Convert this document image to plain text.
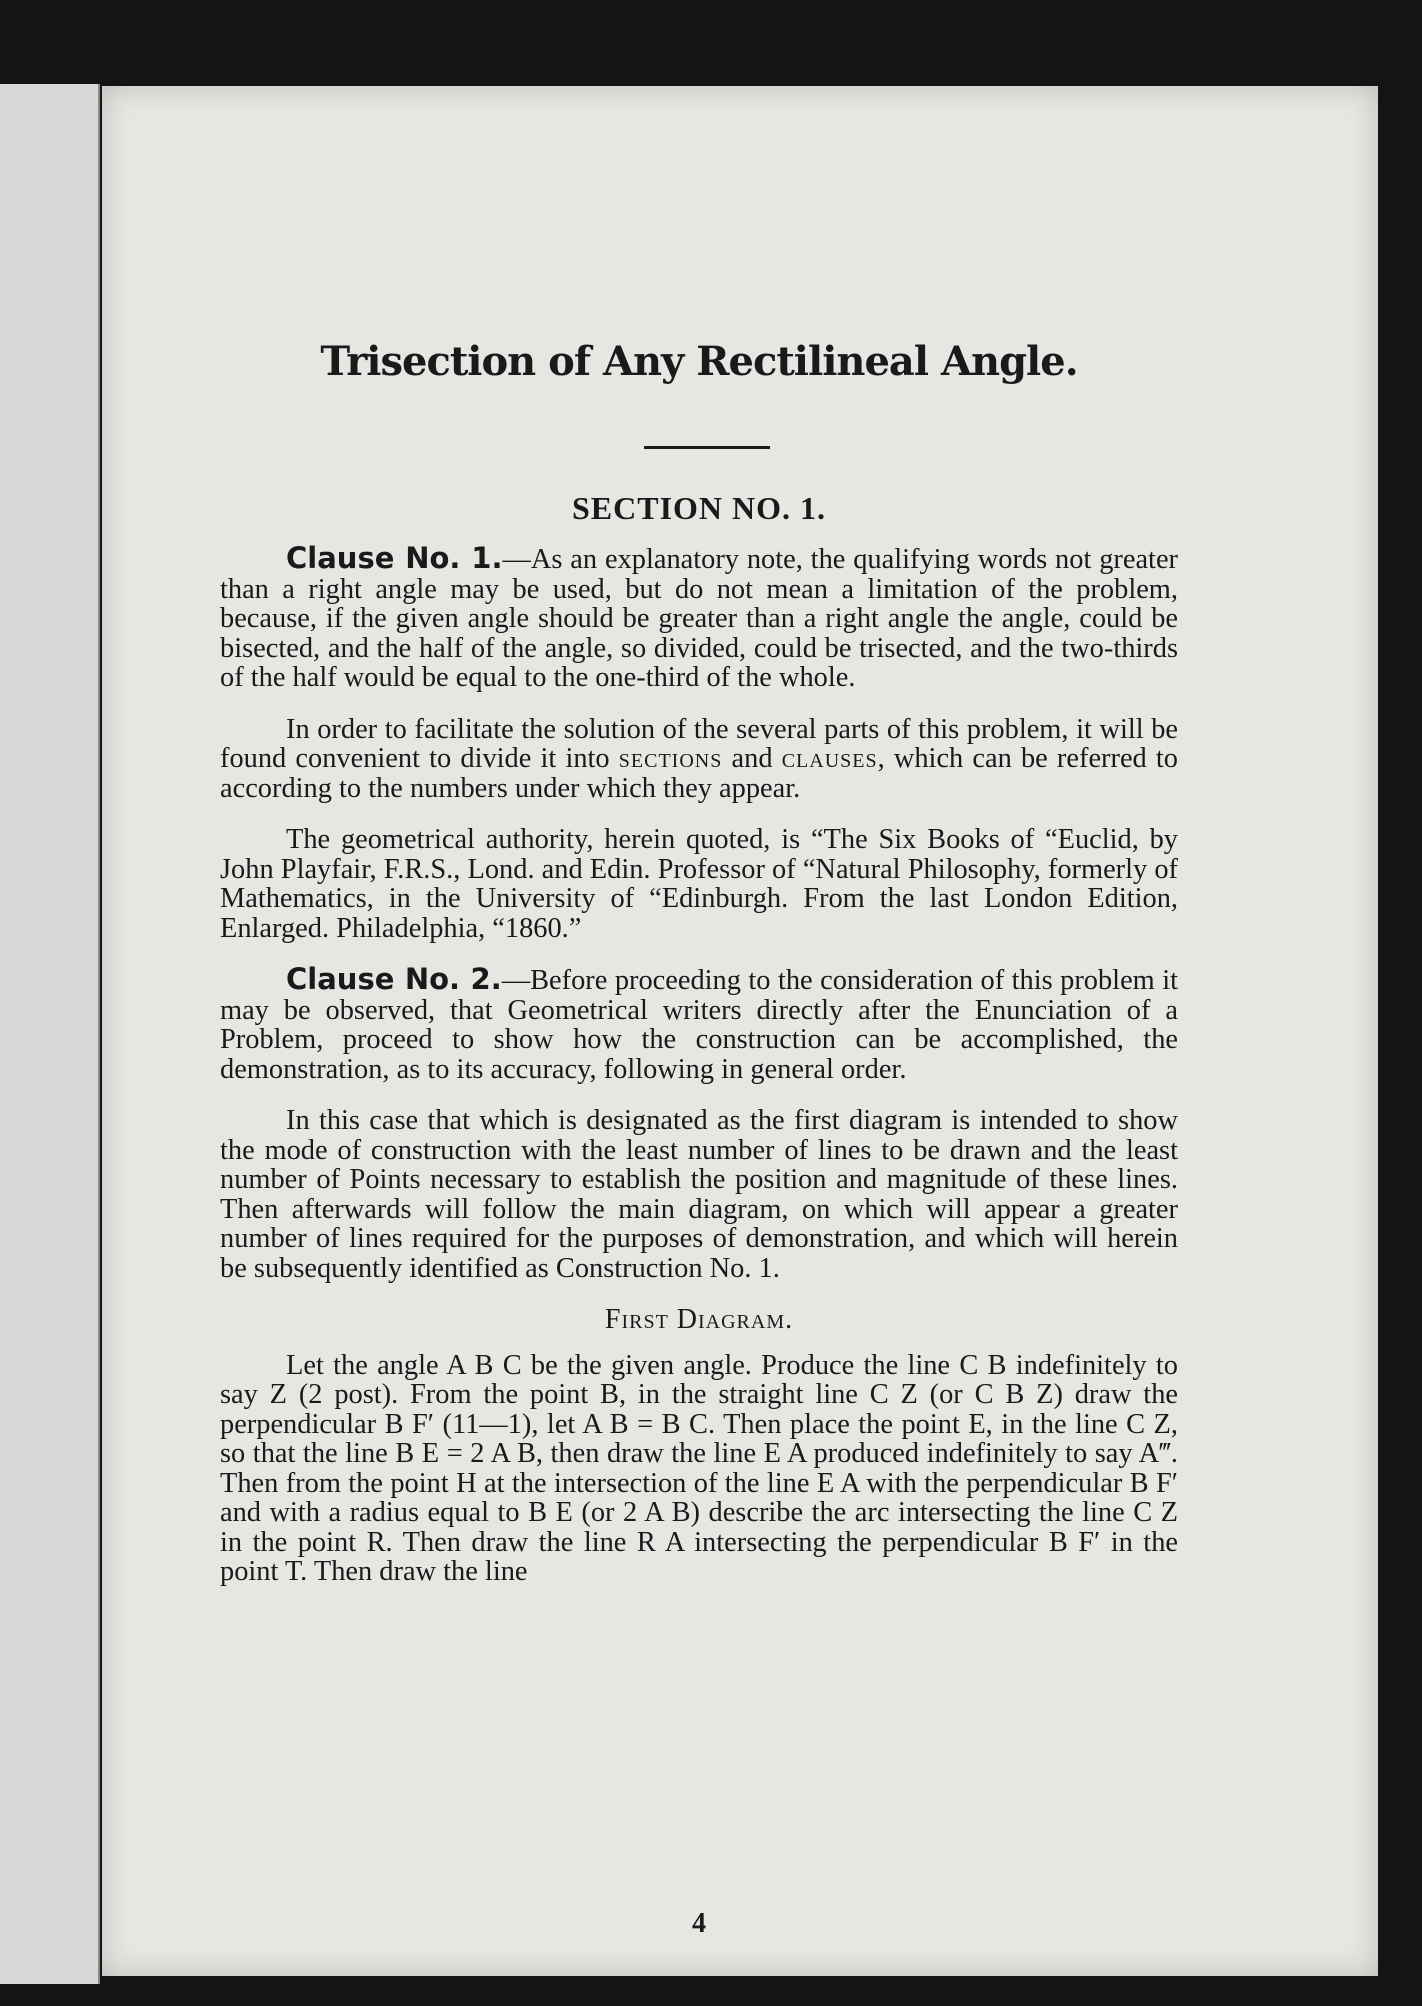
Trisection of Any Rectilineal Angle.
SECTION NO. 1.

Clause No. 1.—As an explanatory note, the qualifying words not greater than a right angle may be used, but do not mean a limitation of the problem, because, if the given angle should be greater than a right angle the angle, could be bisected, and the half of the angle, so divided, could be trisected, and the two-thirds of the half would be equal to the one-third of the whole.

In order to facilitate the solution of the several parts of this problem, it will be found convenient to divide it into sections and clauses, which can be referred to according to the numbers under which they appear.

The geometrical authority, herein quoted, is “The Six Books of “Euclid, by John Playfair, F.R.S., Lond. and Edin. Professor of “Natural Philosophy, formerly of Mathematics, in the University of “Edinburgh. From the last London Edition, Enlarged. Philadelphia, “1860.”

Clause No. 2.—Before proceeding to the consideration of this problem it may be observed, that Geometrical writers directly after the Enunciation of a Problem, proceed to show how the construction can be accomplished, the demonstration, as to its accuracy, following in general order.

In this case that which is designated as the first diagram is intended to show the mode of construction with the least number of lines to be drawn and the least number of Points necessary to establish the position and magnitude of these lines. Then afterwards will follow the main diagram, on which will appear a greater number of lines required for the purposes of demonstration, and which will herein be subsequently identified as Construction No. 1.

First Diagram.

Let the angle A B C be the given angle. Produce the line C B indefinitely to say Z (2 post). From the point B, in the straight line C Z (or C B Z) draw the perpendicular B F′ (11—1), let A B = B C. Then place the point E, in the line C Z, so that the line B E = 2 A B, then draw the line E A produced indefinitely to say A‴. Then from the point H at the intersection of the line E A with the perpendicular B F′ and with a radius equal to B E (or 2 A B) describe the arc intersecting the line C Z in the point R. Then draw the line R A intersecting the perpendicular B F′ in the point T. Then draw the line

4
